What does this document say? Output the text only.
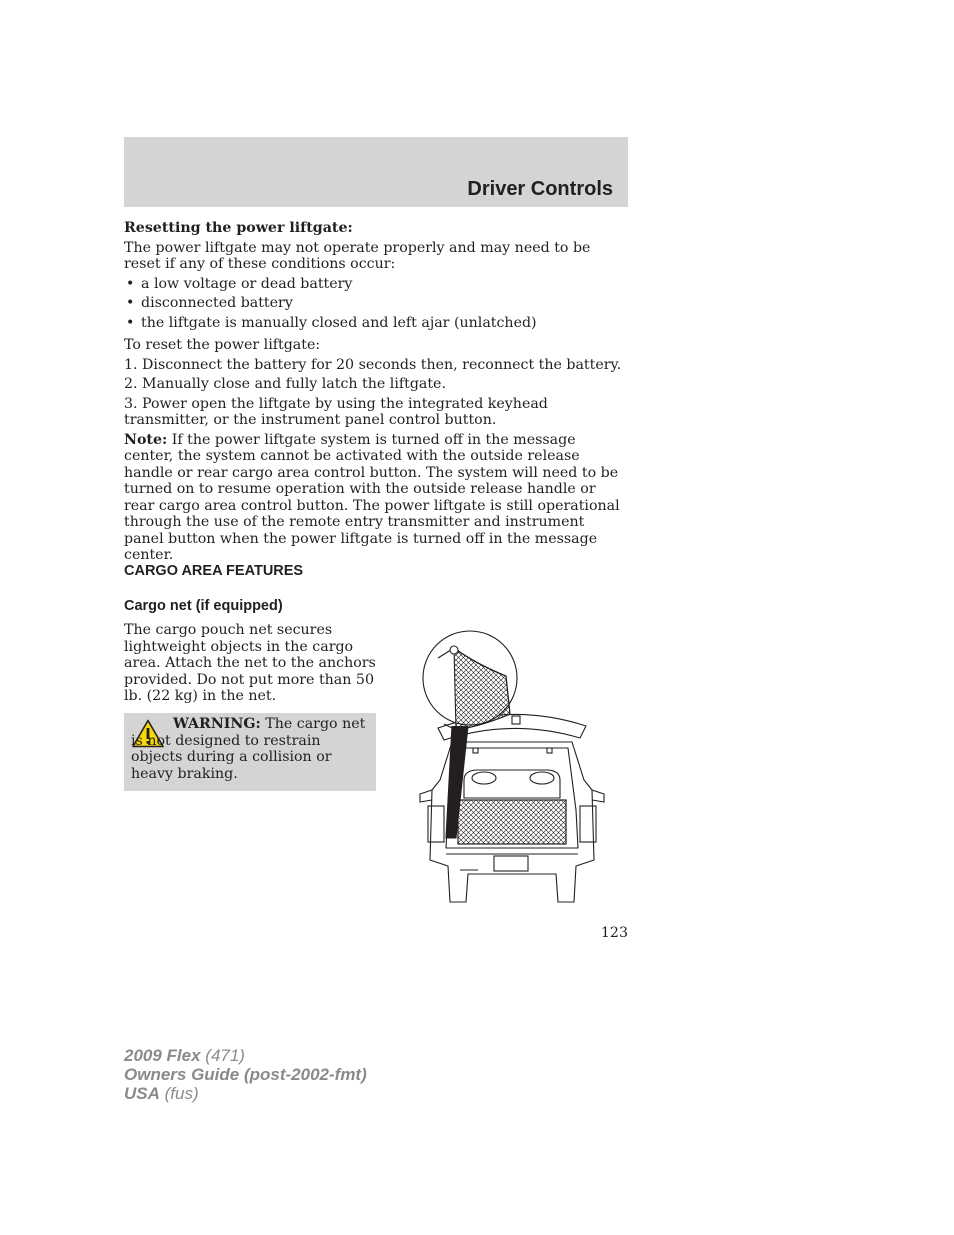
Driver Controls

Resetting the power liftgate:

The power liftgate may not operate properly and may need to be reset if any of these conditions occur:

• a low voltage or dead battery
• disconnected battery
• the liftgate is manually closed and left ajar (unlatched)

To reset the power liftgate:

1. Disconnect the battery for 20 seconds then, reconnect the battery.

2. Manually close and fully latch the liftgate.

3. Power open the liftgate by using the integrated keyhead transmitter, or the instrument panel control button.

Note: If the power liftgate system is turned off in the message center, the system cannot be activated with the outside release handle or rear cargo area control button. The system will need to be turned on to resume operation with the outside release handle or rear cargo area control button. The power liftgate is still operational through the use of the remote entry transmitter and instrument panel button when the power liftgate is turned off in the message center.

CARGO AREA FEATURES
Cargo net (if equipped)

The cargo pouch net secures lightweight objects in the cargo area. Attach the net to the anchors provided. Do not put more than 50 lb. (22 kg) in the net.

WARNING: The cargo net is not designed to restrain objects during a collision or heavy braking.
123
2009 Flex (471)
Owners Guide (post-2002-fmt)
USA (fus)
